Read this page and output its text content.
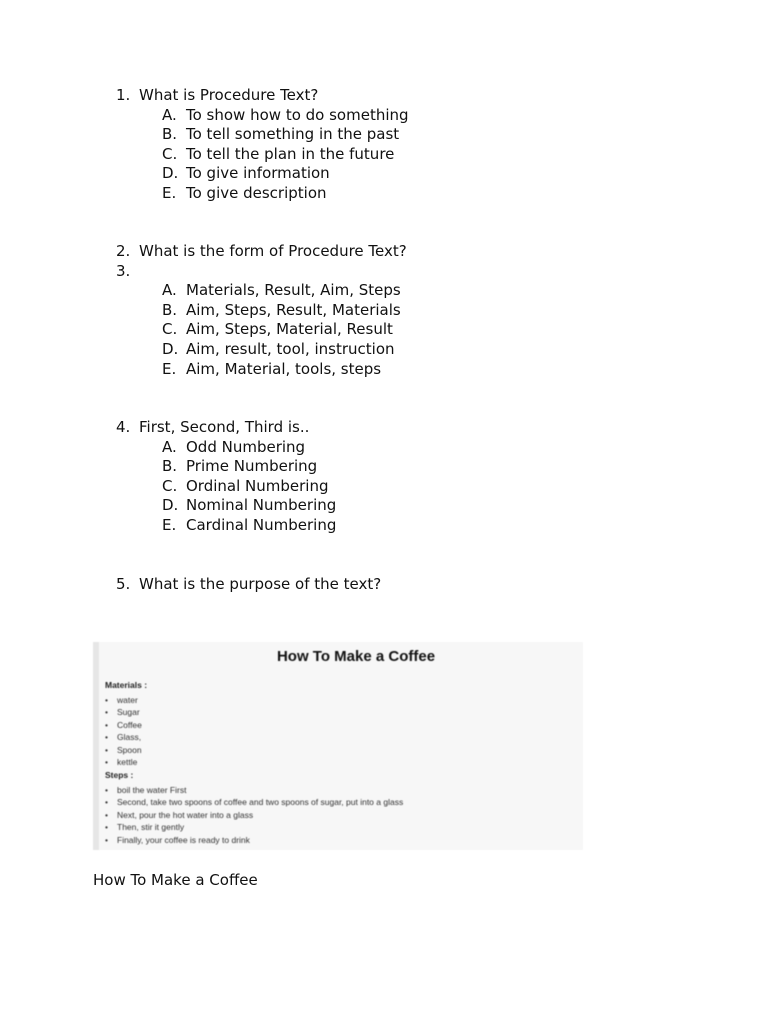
1. What is Procedure Text?
A. To show how to do something
B. To tell something in the past
C. To tell the plan in the future
D. To give information
E. To give description
2. What is the form of Procedure Text?
3.
A. Materials, Result, Aim, Steps
B. Aim, Steps, Result, Materials
C. Aim, Steps, Material, Result
D. Aim, result, tool, instruction
E. Aim, Material, tools, steps
4. First, Second, Third is..
A. Odd Numbering
B. Prime Numbering
C. Ordinal Numbering
D. Nominal Numbering
E. Cardinal Numbering
5. What is the purpose of the text?
How To Make a Coffee
Materials :
• water
• Sugar
• Coffee
• Glass,
• Spoon
• kettle
Steps :
• boil the water First
• Second, take two spoons of coffee and two spoons of sugar, put into a glass
• Next, pour the hot water into a glass
• Then, stir it gently
• Finally, your coffee is ready to drink
How To Make a Coffee
